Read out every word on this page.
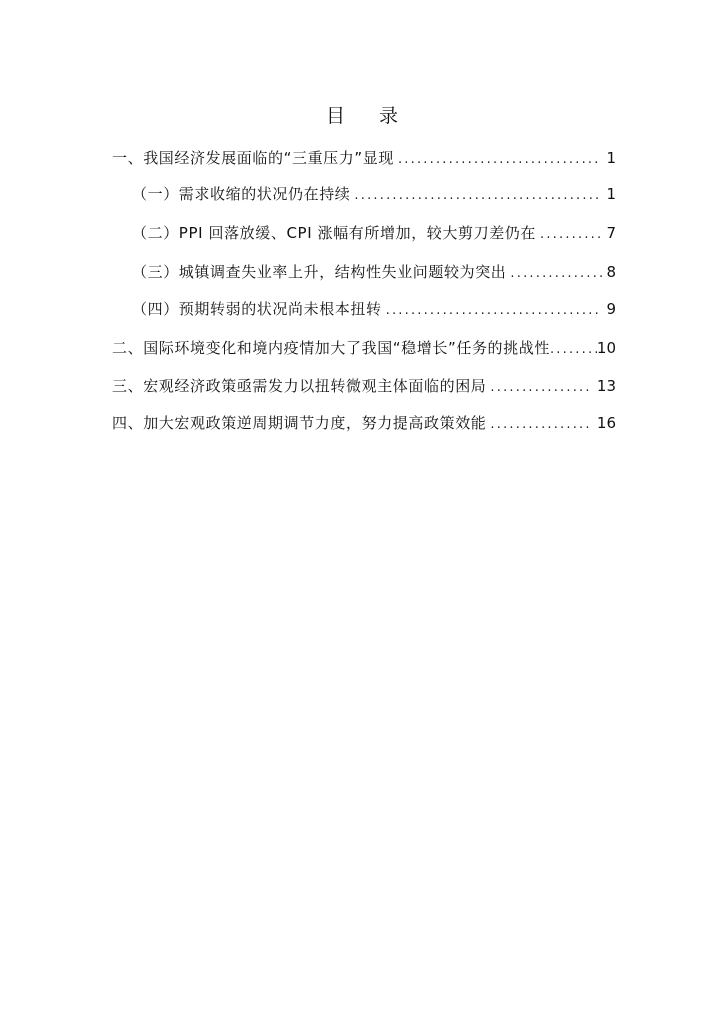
目 录
一、我国经济发展面临的“三重压力”显现 .....	1
（一）需求收缩的状况仍在持续 .....	1
（二）PPI 回落放缓、CPI 涨幅有所增加，较大剪刀差仍在 .....	7
（三）城镇调查失业率上升，结构性失业问题较为突出 .....	8
（四）预期转弱的状况尚未根本扭转 .....	9
二、国际环境变化和境内疫情加大了我国“稳增长”任务的挑战性 .....	10
三、宏观经济政策亟需发力以扭转微观主体面临的困局 .....	13
四、加大宏观政策逆周期调节力度，努力提高政策效能 .....	16
